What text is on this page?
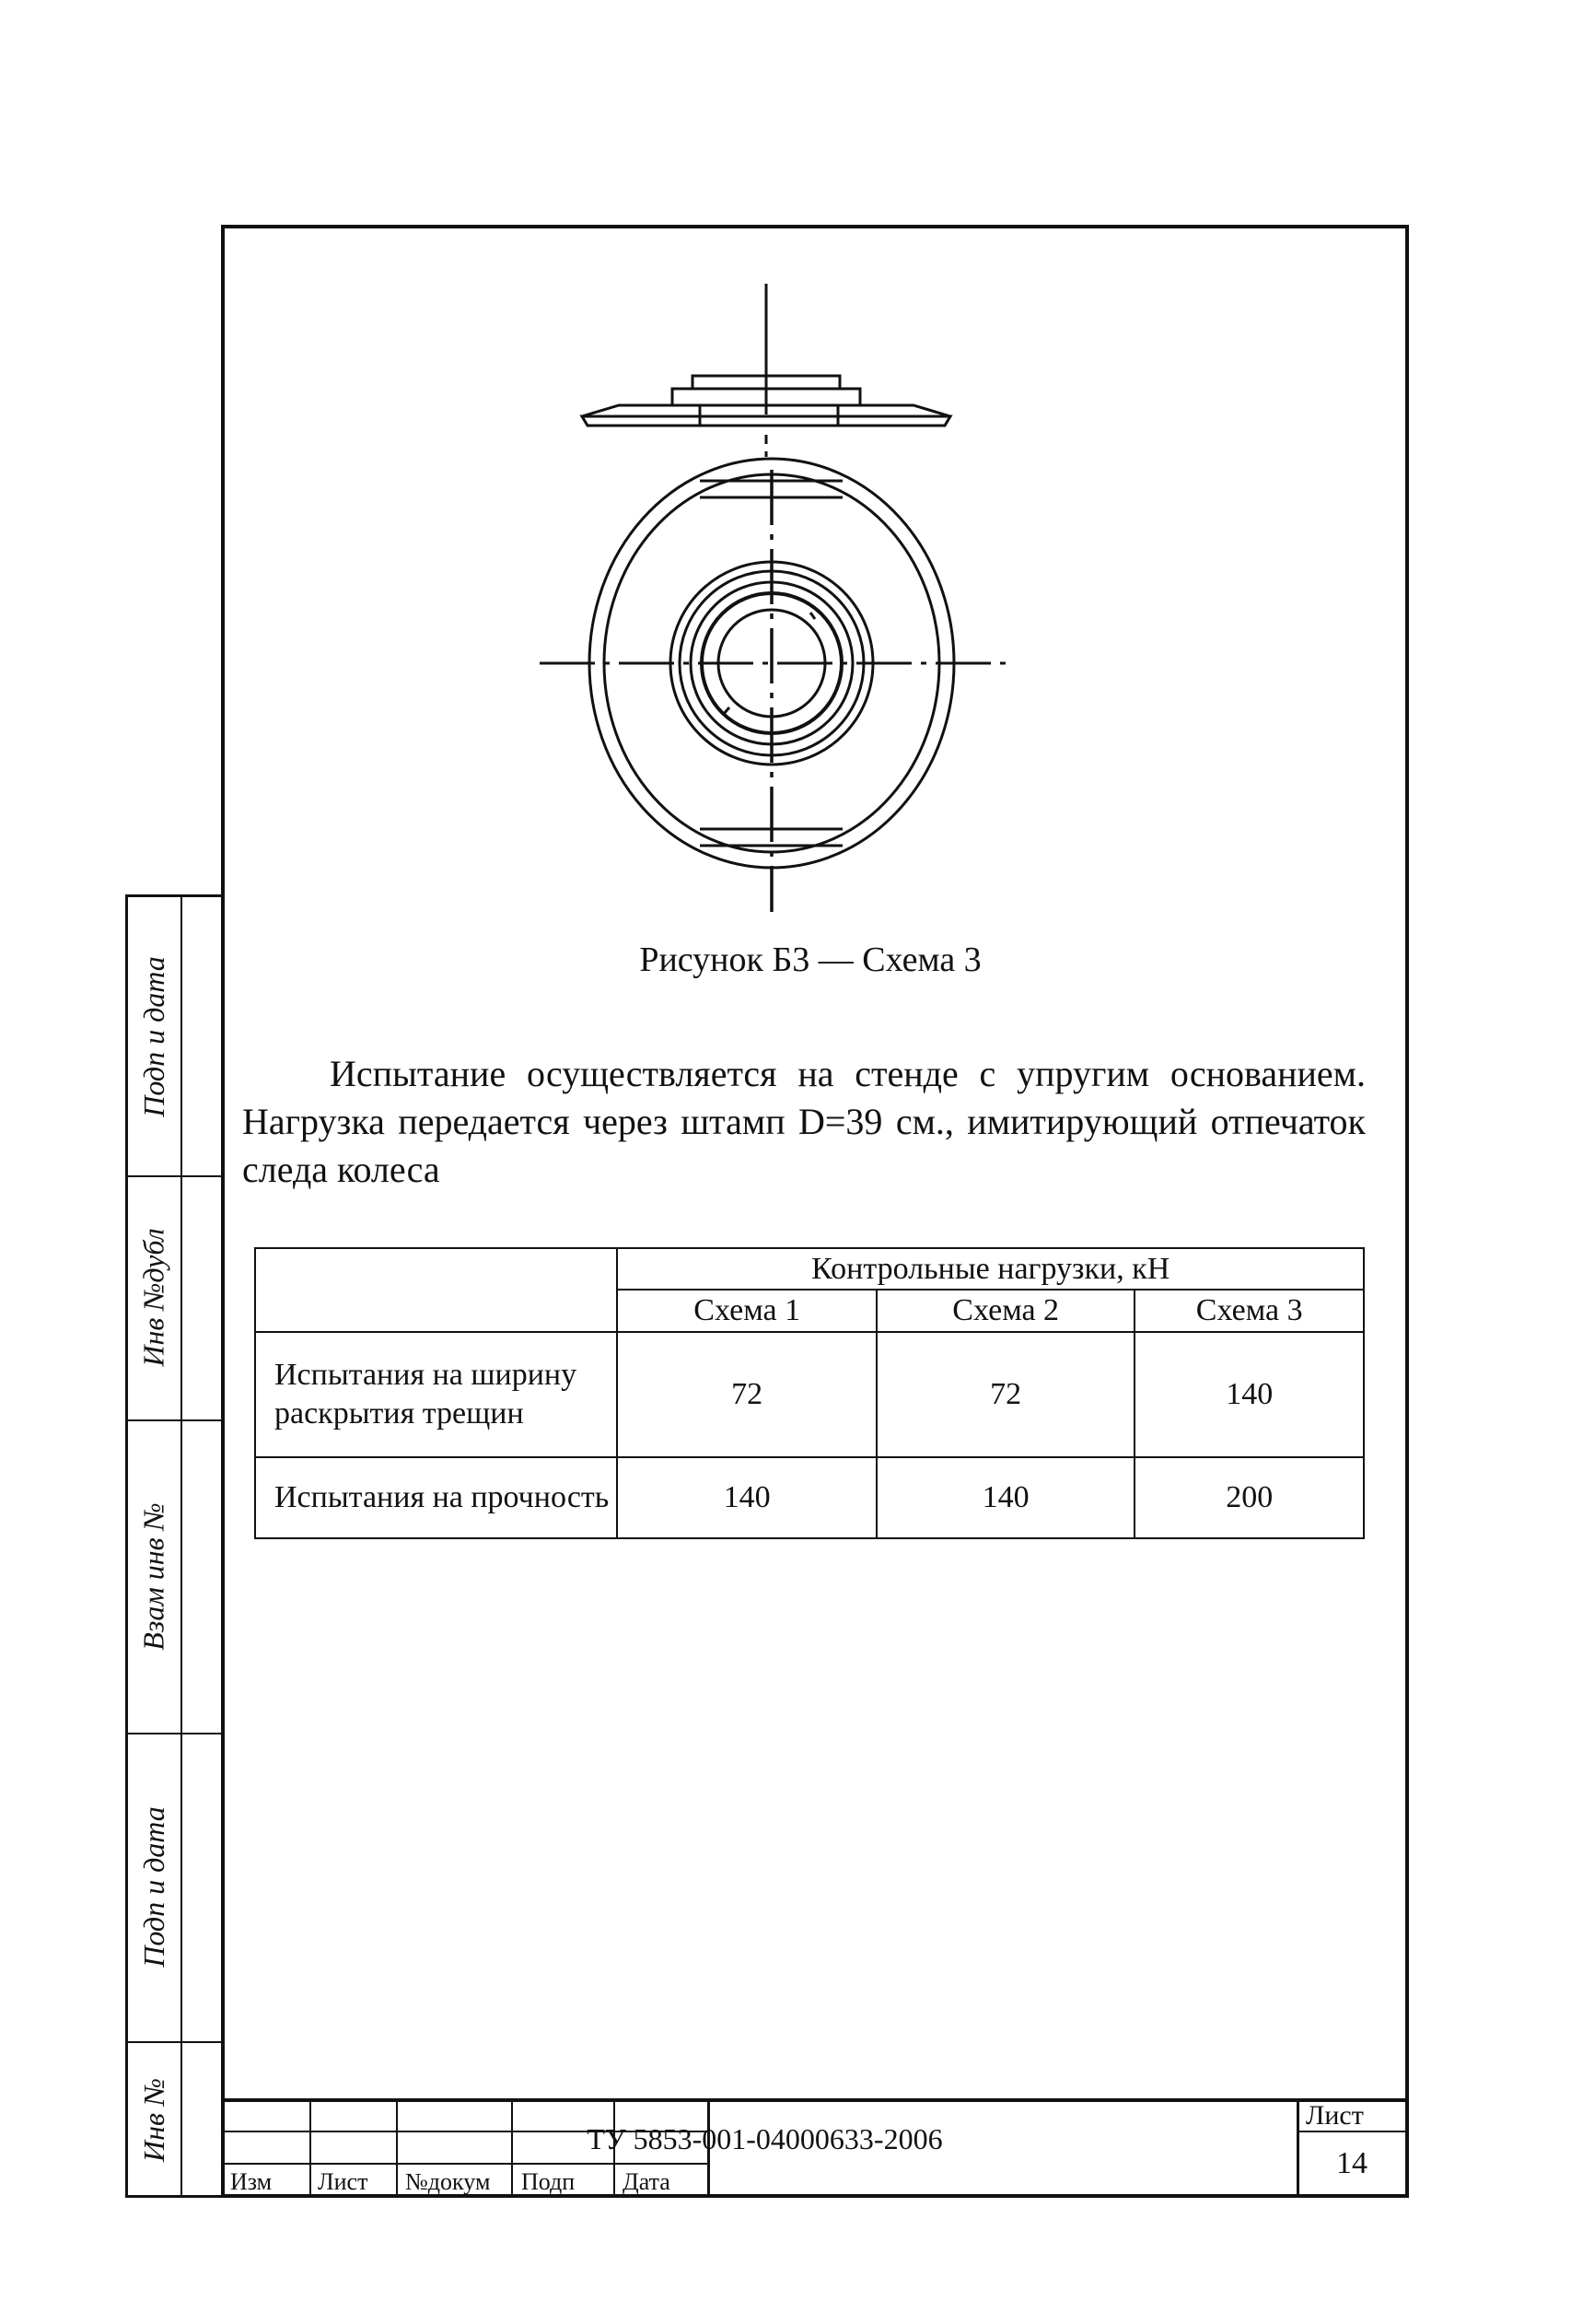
Рисунок Б3 — Схема 3
Испытание осуществляется на стенде с упругим основанием. Нагрузка передается через штамп D=39 см., имитирующий отпечаток следа колеса
	Контрольные нагрузки, кН		
	Схема 1	Схема 2	Схема 3
Испытания на ширину раскрытия трещин	72	72	140
Испытания на прочность	140	140	200
Подп и дата
Инв №дубл
Взам инв №
Подп и дата
Инв №
Изм Лист №докум Подп Дата
ТУ 5853-001-04000633-2006
Лист
14
